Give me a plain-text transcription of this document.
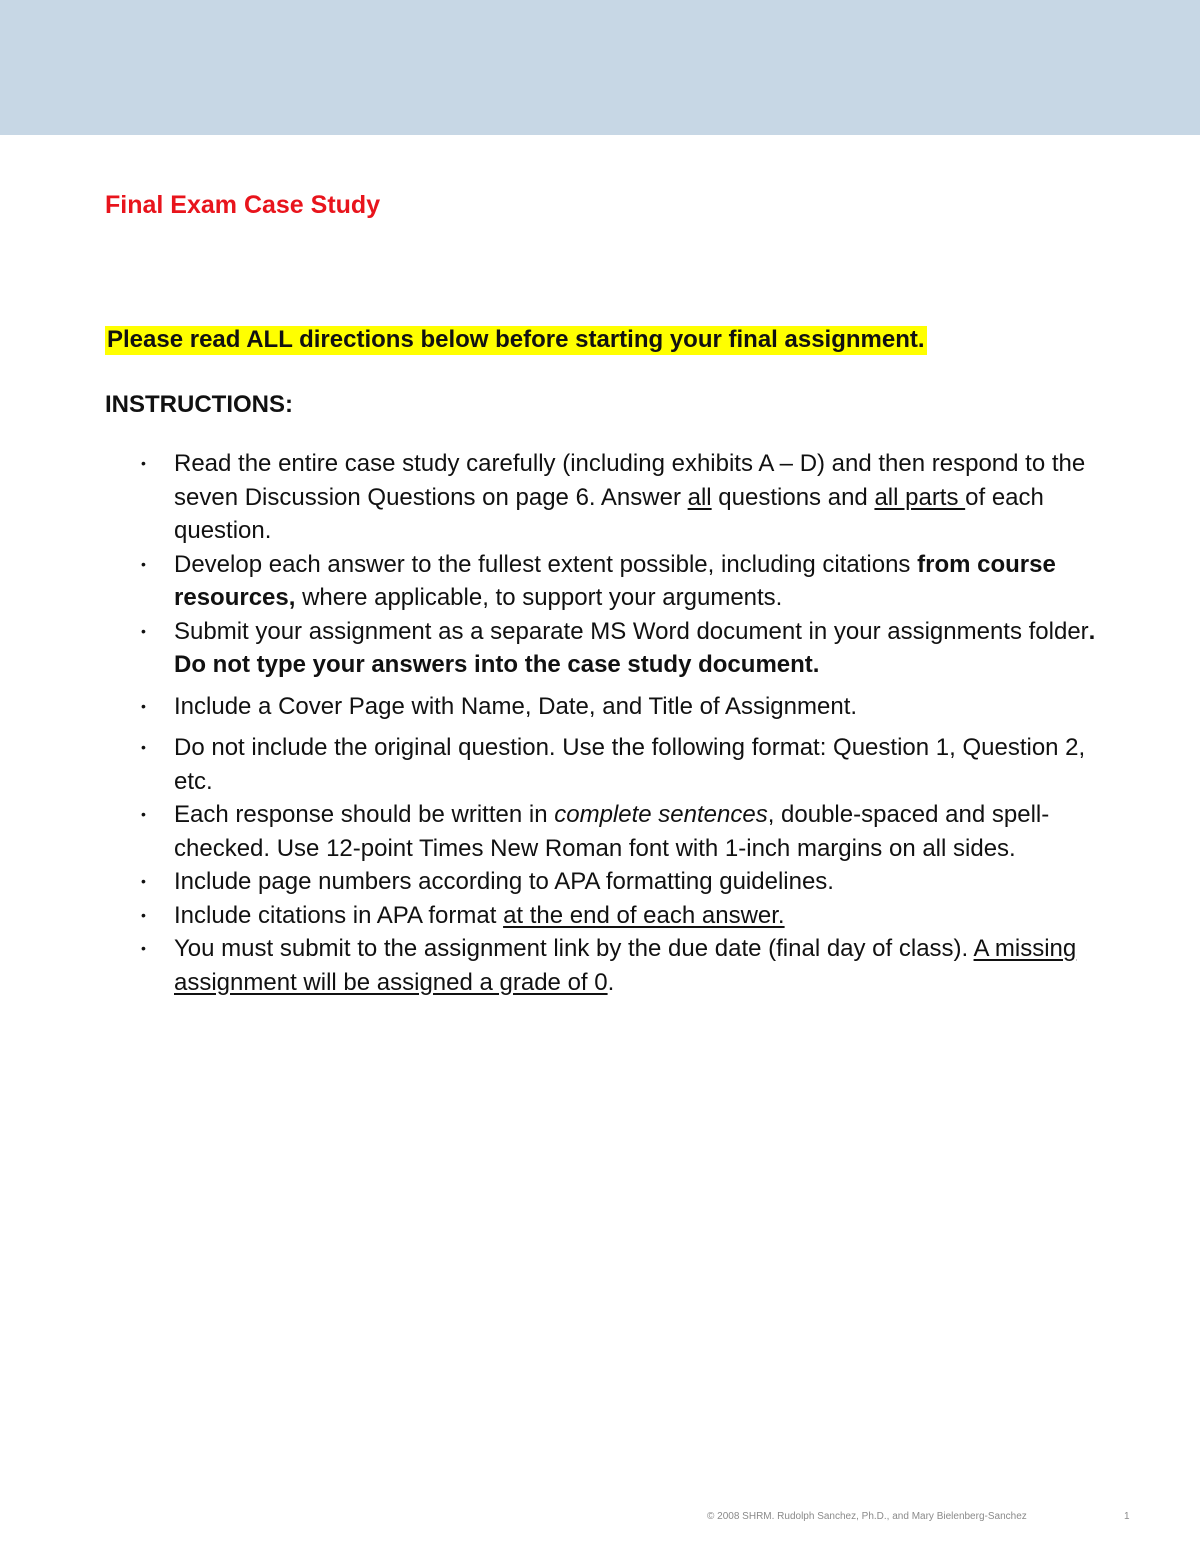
Final Exam Case Study

Please read ALL directions below before starting your final assignment.

INSTRUCTIONS:
• Read the entire case study carefully (including exhibits A – D) and then respond to the seven Discussion Questions on page 6. Answer all questions and all parts of each question.
• Develop each answer to the fullest extent possible, including citations from course resources, where applicable, to support your arguments.
• Submit your assignment as a separate MS Word document in your assignments folder. Do not type your answers into the case study document.
• Include a Cover Page with Name, Date, and Title of Assignment.
• Do not include the original question. Use the following format: Question 1, Question 2, etc.
• Each response should be written in complete sentences, double-spaced and spell-checked. Use 12-point Times New Roman font with 1-inch margins on all sides.
• Include page numbers according to APA formatting guidelines.
• Include citations in APA format at the end of each answer.
• You must submit to the assignment link by the due date (final day of class). A missing assignment will be assigned a grade of 0.
© 2008 SHRM. Rudolph Sanchez, Ph.D., and Mary Bielenberg-Sanchez	1
